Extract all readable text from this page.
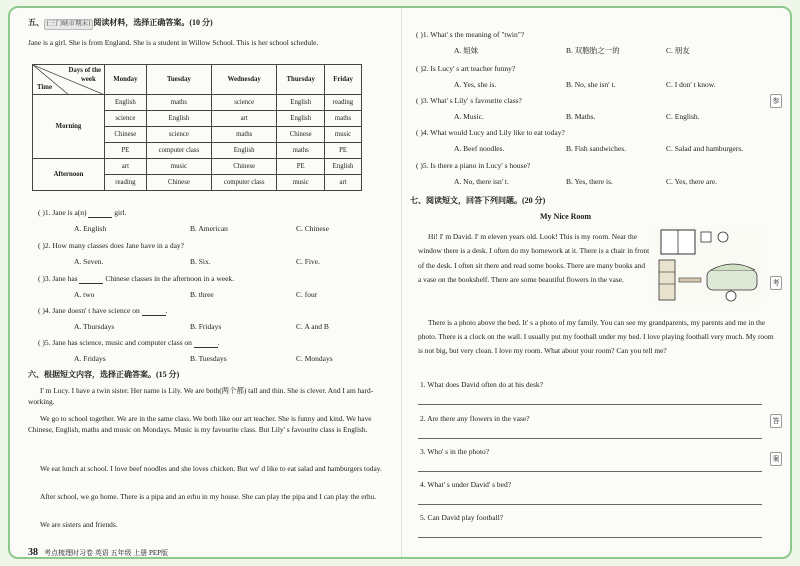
五、 [三门峡市期末] 阅读材料，选择正确答案。(10 分)
Jane is a girl. She is from England. She is a student in Willow School. This is her school schedule.
Days of the
week
Time	Monday	Tuesday	Wednesday	Thursday	Friday
Morning	English	maths	science	English	reading
	science	English	art	English	maths
	Chinese	science	maths	Chinese	music
	PE	computer class	English	maths	PE
Afternoon	art	music	Chinese	PE	English
	reading	Chinese	computer class	music	art
( )1. Jane is a(n)	girl.
A. English	B. American	C. Chinese
( )2. How many classes does Jane have in a day?
A. Seven.	B. Six.	C. Five.
( )3. Jane has	Chinese classes in the afternoon in a week.
A. two	B. three	C. four
( )4. Jane doesn' t have science on	.
A. Thursdays	B. Fridays	C. A and B
( )5. Jane has science, music and computer class on	.
A. Fridays	B. Tuesdays	C. Mondays
六、根据短文内容，选择正确答案。(15 分)
I' m Lucy. I have a twin sister. Her name is Lily. We are both(两个都) tall and thin. She is clever. And I am hard-working.
We go to school together. We are in the same class. We both like our art teacher. She is funny and kind. We have Chinese, English, maths and music on Mondays. Music is my favourite class. But Lily' s favourite class is English.
We eat lunch at school. I love beef noodles and she loves chicken. But we' d like to eat salad and hamburgers today.
After school, we go home. There is a pipa and an erhu in my house. She can play the pipa and I can play the erhu.
We are sisters and friends.
38 考点梳理时习卷 英语 五年级 上册 PEP版
( )1. What' s the meaning of "twin"?
A. 姐妹	B. 双胞胎之一的	C. 朋友
( )2. Is Lucy' s art teacher funny?
A. Yes, she is.	B. No, she isn' t.	C. I don' t know.
( )3. What' s Lily' s favourite class?
A. Music.	B. Maths.	C. English.
( )4. What would Lucy and Lily like to eat today?
A. Beef noodles.	B. Fish sandwiches.	C. Salad and hamburgers.
( )5. Is there a piano in Lucy' s house?
A. No, there isn' t.	B. Yes, there is.	C. Yes, there are.
七、阅读短文，回答下列问题。(20 分)
My Nice Room
Hi! I' m David. I' m eleven years old. Look! This is my room. Near the window there is a desk. I often do my homework at it. There is a chair in front of the desk. I often sit there and read some books. There are many books and a vase on the bookshelf. There are some beautiful flowers in the vase.
There is a photo above the bed. It' s a photo of my family. You can see my grandparents, my parents and me in the photo. There is a clock on the wall. I usually put my football under my bed. I love playing football very much. My room is not big, but very clean. I love my room. What about your room? Can you tell me?
1. What does David often do at his desk?
2. Are there any flowers in the vase?
3. Who' s in the photo?
4. What' s under David' s bed?
5. Can David play football?
参
考
答
案
